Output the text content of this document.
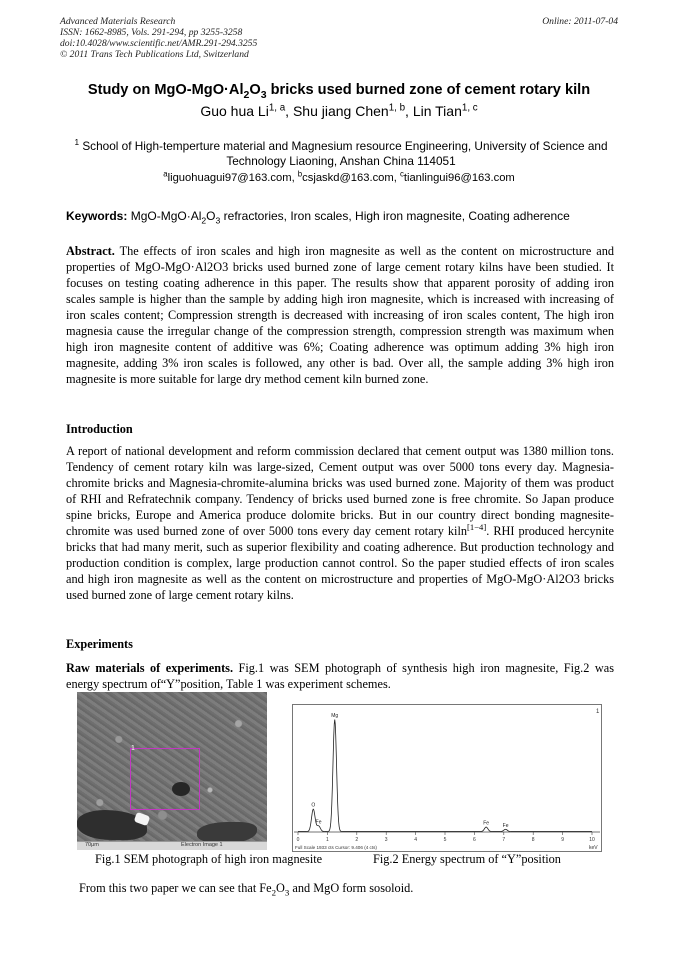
Advanced Materials Research
ISSN: 1662-8985, Vols. 291-294, pp 3255-3258
doi:10.4028/www.scientific.net/AMR.291-294.3255
© 2011 Trans Tech Publications Ltd, Switzerland
Online: 2011-07-04
Study on MgO-$MgO\cdot Al_2O_3$ bricks used burned zone of cement rotary kiln
Guo hua Li$^{1, a}$, Shu jiang Chen$^{1, b}$, Lin Tian$^{1, c}$
$^1$ School of High-temperture material and Magnesium resource Engineering, University of Science and Technology Liaoning, Anshan China 114051
$^a$liguohuagui97@163.com, $^b$csjaskd@163.com, $^c$tianlingui96@163.com
Keywords: MgO-$MgO\cdot Al_2O_3$ refractories, Iron scales, High iron magnesite, Coating adherence
Abstract. The effects of iron scales and high iron magnesite as well as the content on microstructure and properties of MgO-MgO·Al2O3 bricks used burned zone of large cement rotary kilns have been studied. It focuses on testing coating adherence in this paper. The results show that apparent porosity of adding iron scales sample is higher than the sample by adding high iron magnesite, which is increased with increasing of iron scales content; Compression strength is decreased with increasing of iron scales content, The high iron magnesia cause the irregular change of the compression strength, compression strength was maximum when high iron magnesite content of additive was 6%; Coating adherence was optimum adding 3% high iron magnesite, adding 3% iron scales is followed, any other is bad. Over all, the sample adding 3% high iron magnesite is more suitable for large dry method cement kiln burned zone.
Introduction
A report of national development and reform commission declared that cement output was 1380 million tons. Tendency of cement rotary kiln was large-sized, Cement output was over 5000 tons every day. Magnesia-chromite bricks and Magnesia-chromite-alumina bricks was used burned zone. Majority of them was product of RHI and Refratechnik company. Tendency of bricks used burned zone is free chromite. So Japan produce spine bricks, Europe and America produce dolomite bricks. But in our country direct bonding magnesite-chromite was used burned zone of over 5000 tons every day cement rotary kiln[1−4]. RHI produced hercynite bricks that had many merit, such as superior flexibility and coating adherence. But production technology and production condition is complex, large production cannot control. So the paper studied effects of iron scales and high iron magnesite as well as the content on microstructure and properties of MgO-MgO·Al2O3 bricks used burned zone of large cement rotary kilns.
Experiments
Raw materials of experiments. Fig.1 was SEM photograph of synthesis high iron magnesite, Fig.2 was energy spectrum of“Y”position, Table 1 was experiment schemes.
1
70μm	Electron Image 1
1
0	1	2	3	4	5	6	7	8	9	10
Mg
O
Fe	Fe	Fe
Full Scale 1933 cts Cursor: 9.406 (4 cts)	keV
Fig.1 SEM photograph of high iron magnesite	Fig.2 Energy spectrum of “Y”position
From this two paper we can see that $Fe_2O_3$ and MgO form sosoloid.
